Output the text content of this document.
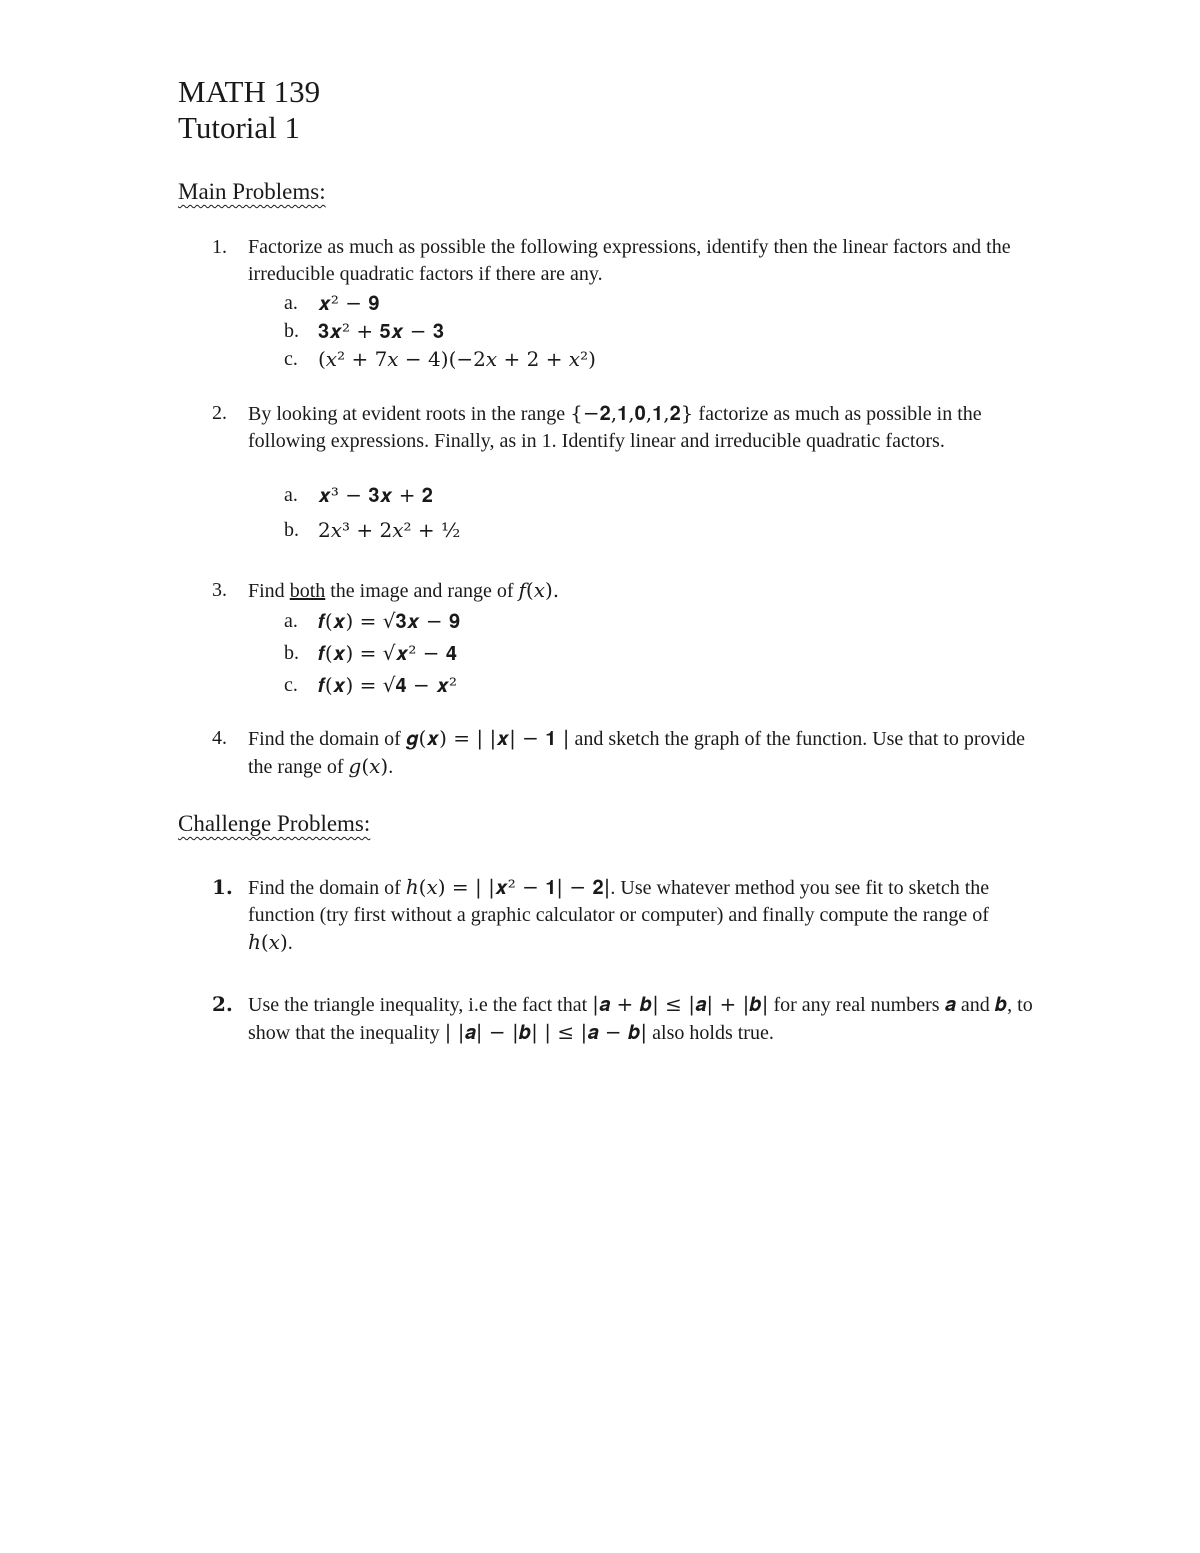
MATH 139
Tutorial 1
Main Problems:
1. Factorize as much as possible the following expressions, identify then the linear factors and the irreducible quadratic factors if there are any.
a. 𝒙² − 𝟗
b. 𝟑𝒙² + 𝟓𝒙 − 𝟑
c. (𝑥² + 7𝑥 − 4)(−2𝑥 + 2 + 𝑥²)
2. By looking at evident roots in the range {−𝟐,𝟏,𝟎,𝟏,𝟐} factorize as much as possible in the following expressions. Finally, as in 1. Identify linear and irreducible quadratic factors.
a. 𝒙³ − 𝟑𝒙 + 𝟐
b. 2𝑥³ + 2𝑥² + ½
3. Find both the image and range of 𝑓(𝑥).
a. 𝒇(𝒙) = √𝟑𝒙 − 𝟗
b. 𝒇(𝒙) = √𝒙² − 𝟒
c. 𝒇(𝒙) = √𝟒 − 𝒙²
4. Find the domain of 𝒈(𝒙) = | |𝒙| − 𝟏 | and sketch the graph of the function. Use that to provide the range of 𝑔(𝑥).
Challenge Problems:
𝟏. Find the domain of ℎ(𝑥) = | |𝒙² − 𝟏| − 𝟐|. Use whatever method you see fit to sketch the function (try first without a graphic calculator or computer) and finally compute the range of ℎ(𝑥).
𝟐. Use the triangle inequality, i.e the fact that |𝒂 + 𝒃| ≤ |𝒂| + |𝒃| for any real numbers 𝒂 and 𝒃, to show that the inequality | |𝒂| − |𝒃| | ≤ |𝒂 − 𝒃| also holds true.
